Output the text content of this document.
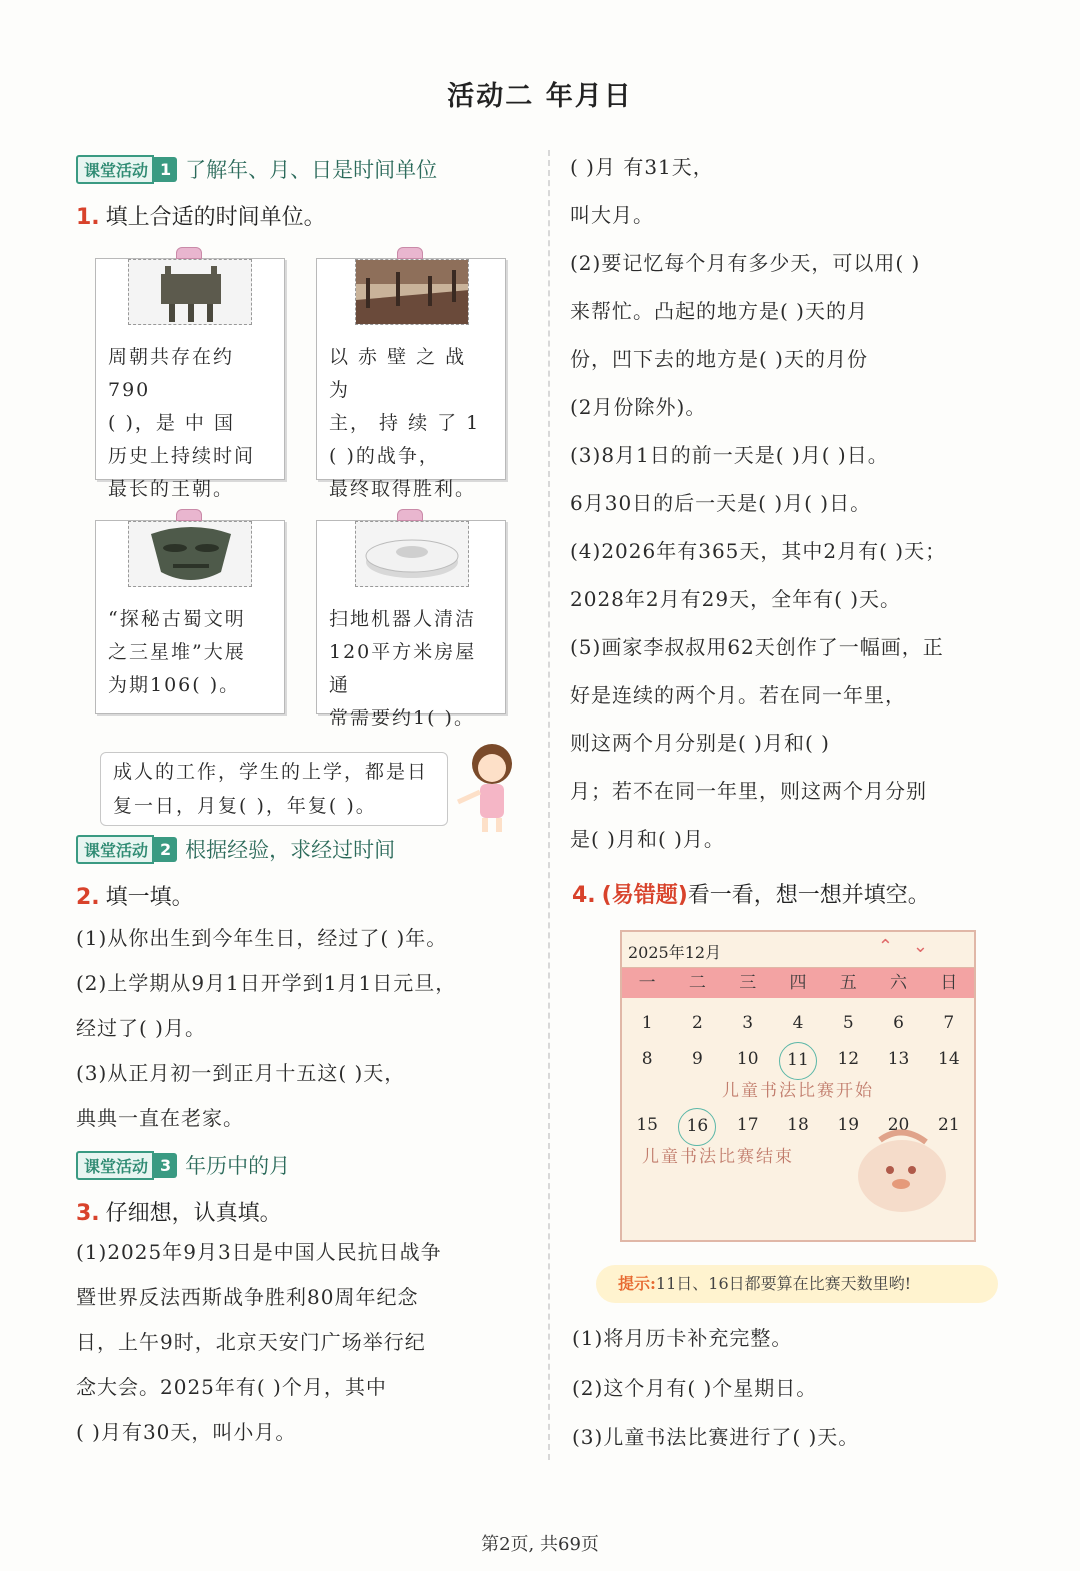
活动二 年月日
课堂活动 1 了解年、月、日是时间单位
1. 填上合适的时间单位。
周朝共存在约790
( )，是 中 国
历史上持续时间
最长的王朝。
以 赤 壁 之 战 为
主， 持 续 了 1
( )的战争，
最终取得胜利。
“探秘古蜀文明
之三星堆”大展
为期106( )。
扫地机器人清洁
120平方米房屋通
常需要约1( )。
成人的工作，学生的上学，都是日
复一日，月复( )，年复( )。
课堂活动 2 根据经验，求经过时间
2. 填一填。
(1)从你出生到今年生日，经过了( )年。
(2)上学期从9月1日开学到1月1日元旦，
经过了( )月。
(3)从正月初一到正月十五这( )天，
典典一直在老家。
课堂活动 3 年历中的月
3. 仔细想，认真填。
(1)2025年9月3日是中国人民抗日战争
暨世界反法西斯战争胜利80周年纪念
日，上午9时，北京天安门广场举行纪
念大会。2025年有( )个月，其中
( )月有30天，叫小月。
( )月 有31天，
叫大月。
(2)要记忆每个月有多少天，可以用( )
来帮忙。凸起的地方是( )天的月
份，凹下去的地方是( )天的月份
(2月份除外)。
(3)8月1日的前一天是( )月( )日。
6月30日的后一天是( )月( )日。
(4)2026年有365天，其中2月有( )天；
2028年2月有29天，全年有( )天。
(5)画家李叔叔用62天创作了一幅画，正
好是连续的两个月。若在同一年里，
则这两个月分别是( )月和( )
月；若不在同一年里，则这两个月分别
是( )月和( )月。
4. (易错题)看一看，想一想并填空。
2025年12月	⌃⌄
一	二	三	四	五	六	日
1	2	3	4	5	6	7
8	9	10	11	12	13	14
儿童书法比赛开始
15	16	17	18	19	20	21
儿童书法比赛结束
提示:11日、16日都要算在比赛天数里哟!
(1)将月历卡补充完整。
(2)这个月有( )个星期日。
(3)儿童书法比赛进行了( )天。
第2页, 共69页
